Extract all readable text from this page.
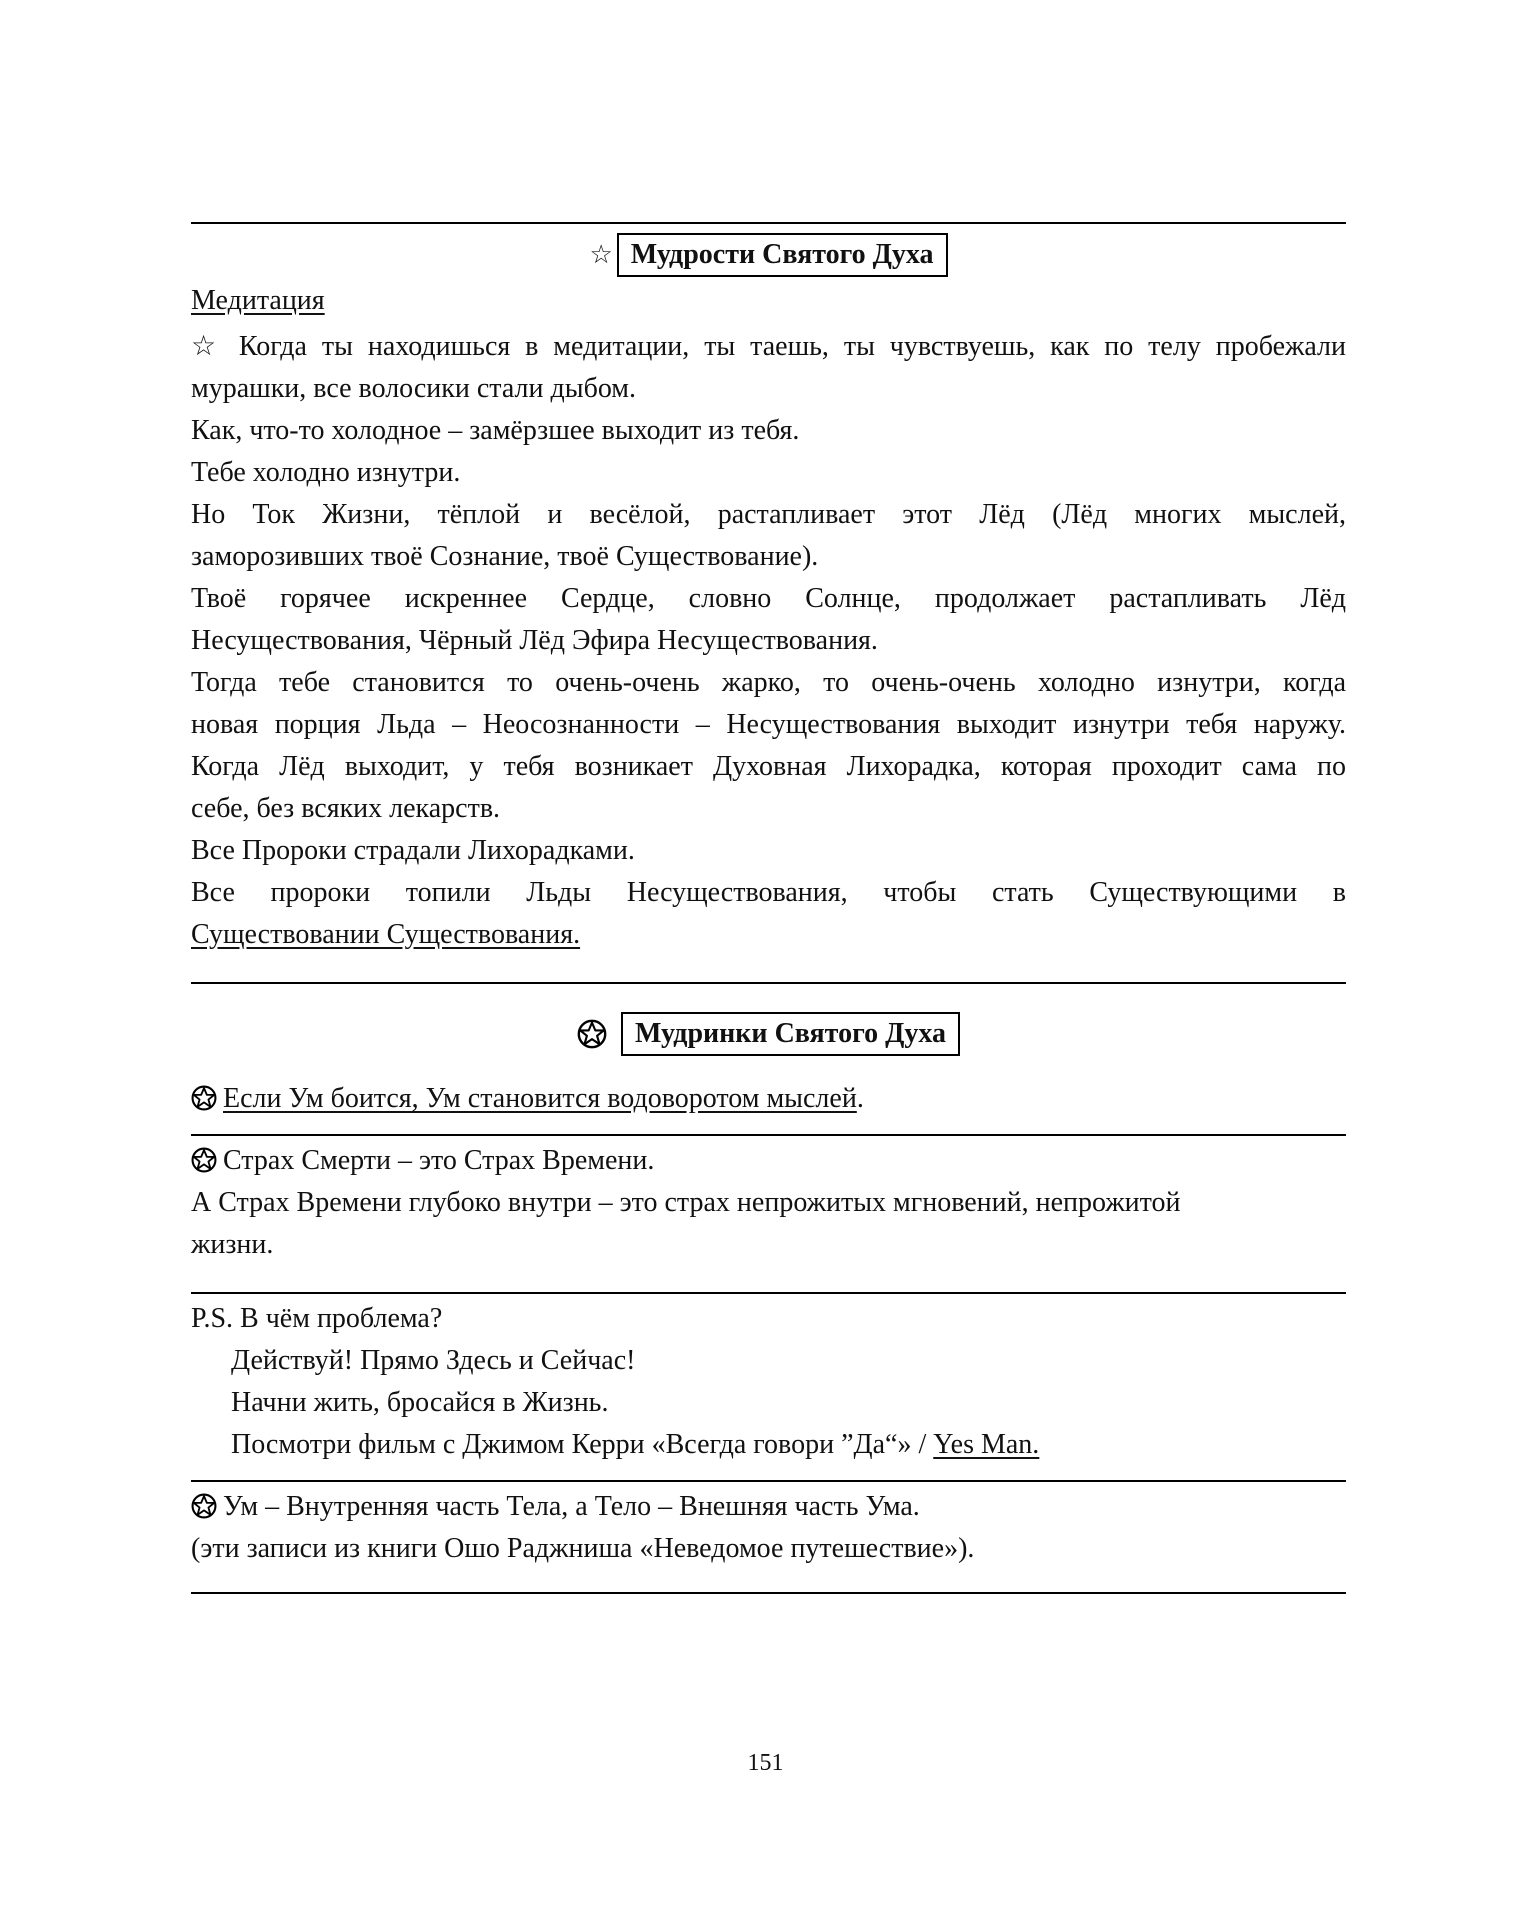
☆ Мудрости Святого Духа

Медитация

☆ Когда ты находишься в медитации, ты таешь, ты чувствуешь, как по телу пробежали

мурашки, все волосики стали дыбом.

Как, что-то холодное – замёрзшее выходит из тебя.

Тебе холодно изнутри.

Но Ток Жизни, тёплой и весёлой, растапливает этот Лёд (Лёд многих мыслей,

заморозивших твоё Сознание, твоё Существование).

Твоё горячее искреннее Сердце, словно Солнце, продолжает растапливать Лёд

Несуществования, Чёрный Лёд Эфира Несуществования.

Тогда тебе становится то очень-очень жарко, то очень-очень холодно изнутри, когда

новая порция Льда – Неосознанности – Несуществования выходит изнутри тебя наружу.

Когда Лёд выходит, у тебя возникает Духовная Лихорадка, которая проходит сама по

себе, без всяких лекарств.

Все Пророки страдали Лихорадками.

Все пророки топили Льды Несуществования, чтобы стать Существующими в

Существовании Существования.

Мудринки Святого Духа

Если Ум боится, Ум становится водоворотом мыслей.

Страх Смерти – это Страх Времени.

А Страх Времени глубоко внутри – это страх непрожитых мгновений, непрожитой

жизни.

P.S. В чём проблема?

Действуй! Прямо Здесь и Сейчас!

Начни жить, бросайся в Жизнь.

Посмотри фильм с Джимом Керри «Всегда говори ”Да“» / Yes Man.

Ум – Внутренняя часть Тела, а Тело – Внешняя часть Ума.

(эти записи из книги Ошо Раджниша «Неведомое путешествие»).

151
